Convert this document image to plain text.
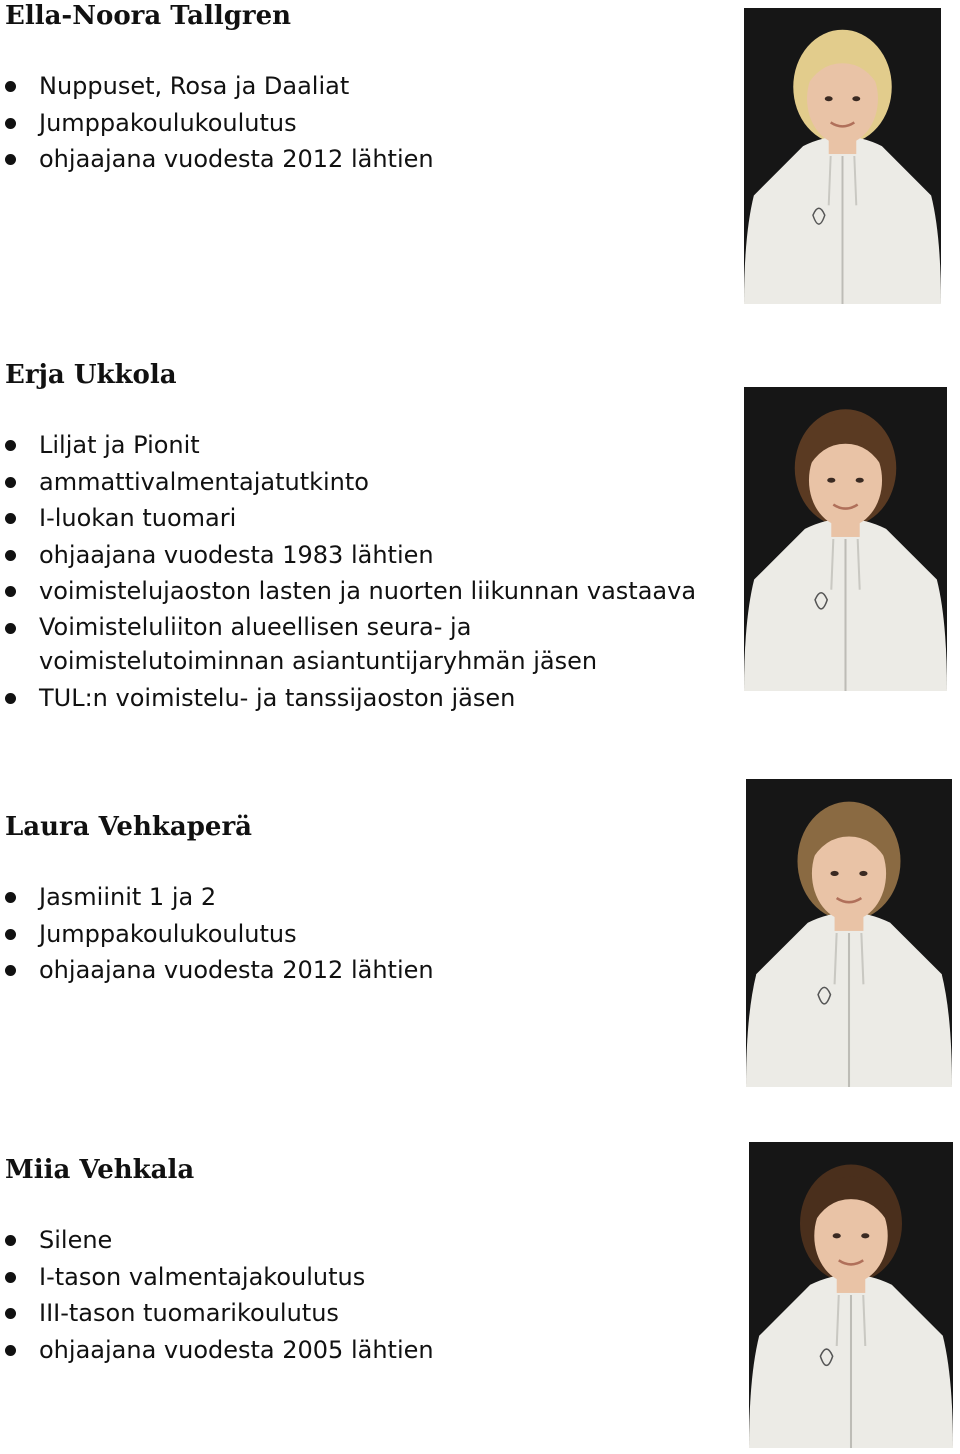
Ella-Noora Tallgren
Nuppuset, Rosa ja Daaliat
Jumppakoulukoulutus
ohjaajana vuodesta 2012 lähtien
Erja Ukkola
Liljat ja Pionit
ammattivalmentajatutkinto
I-luokan tuomari
ohjaajana vuodesta 1983 lähtien
voimistelujaoston lasten ja nuorten liikunnan vastaava
Voimisteluliiton alueellisen seura- ja voimistelutoiminnan asiantuntijaryhmän jäsen
TUL:n voimistelu- ja tanssijaoston jäsen
Laura Vehkaperä
Jasmiinit 1 ja 2
Jumppakoulukoulutus
ohjaajana vuodesta 2012 lähtien
Miia Vehkala
Silene
I-tason valmentajakoulutus
III-tason tuomarikoulutus
ohjaajana vuodesta 2005 lähtien
